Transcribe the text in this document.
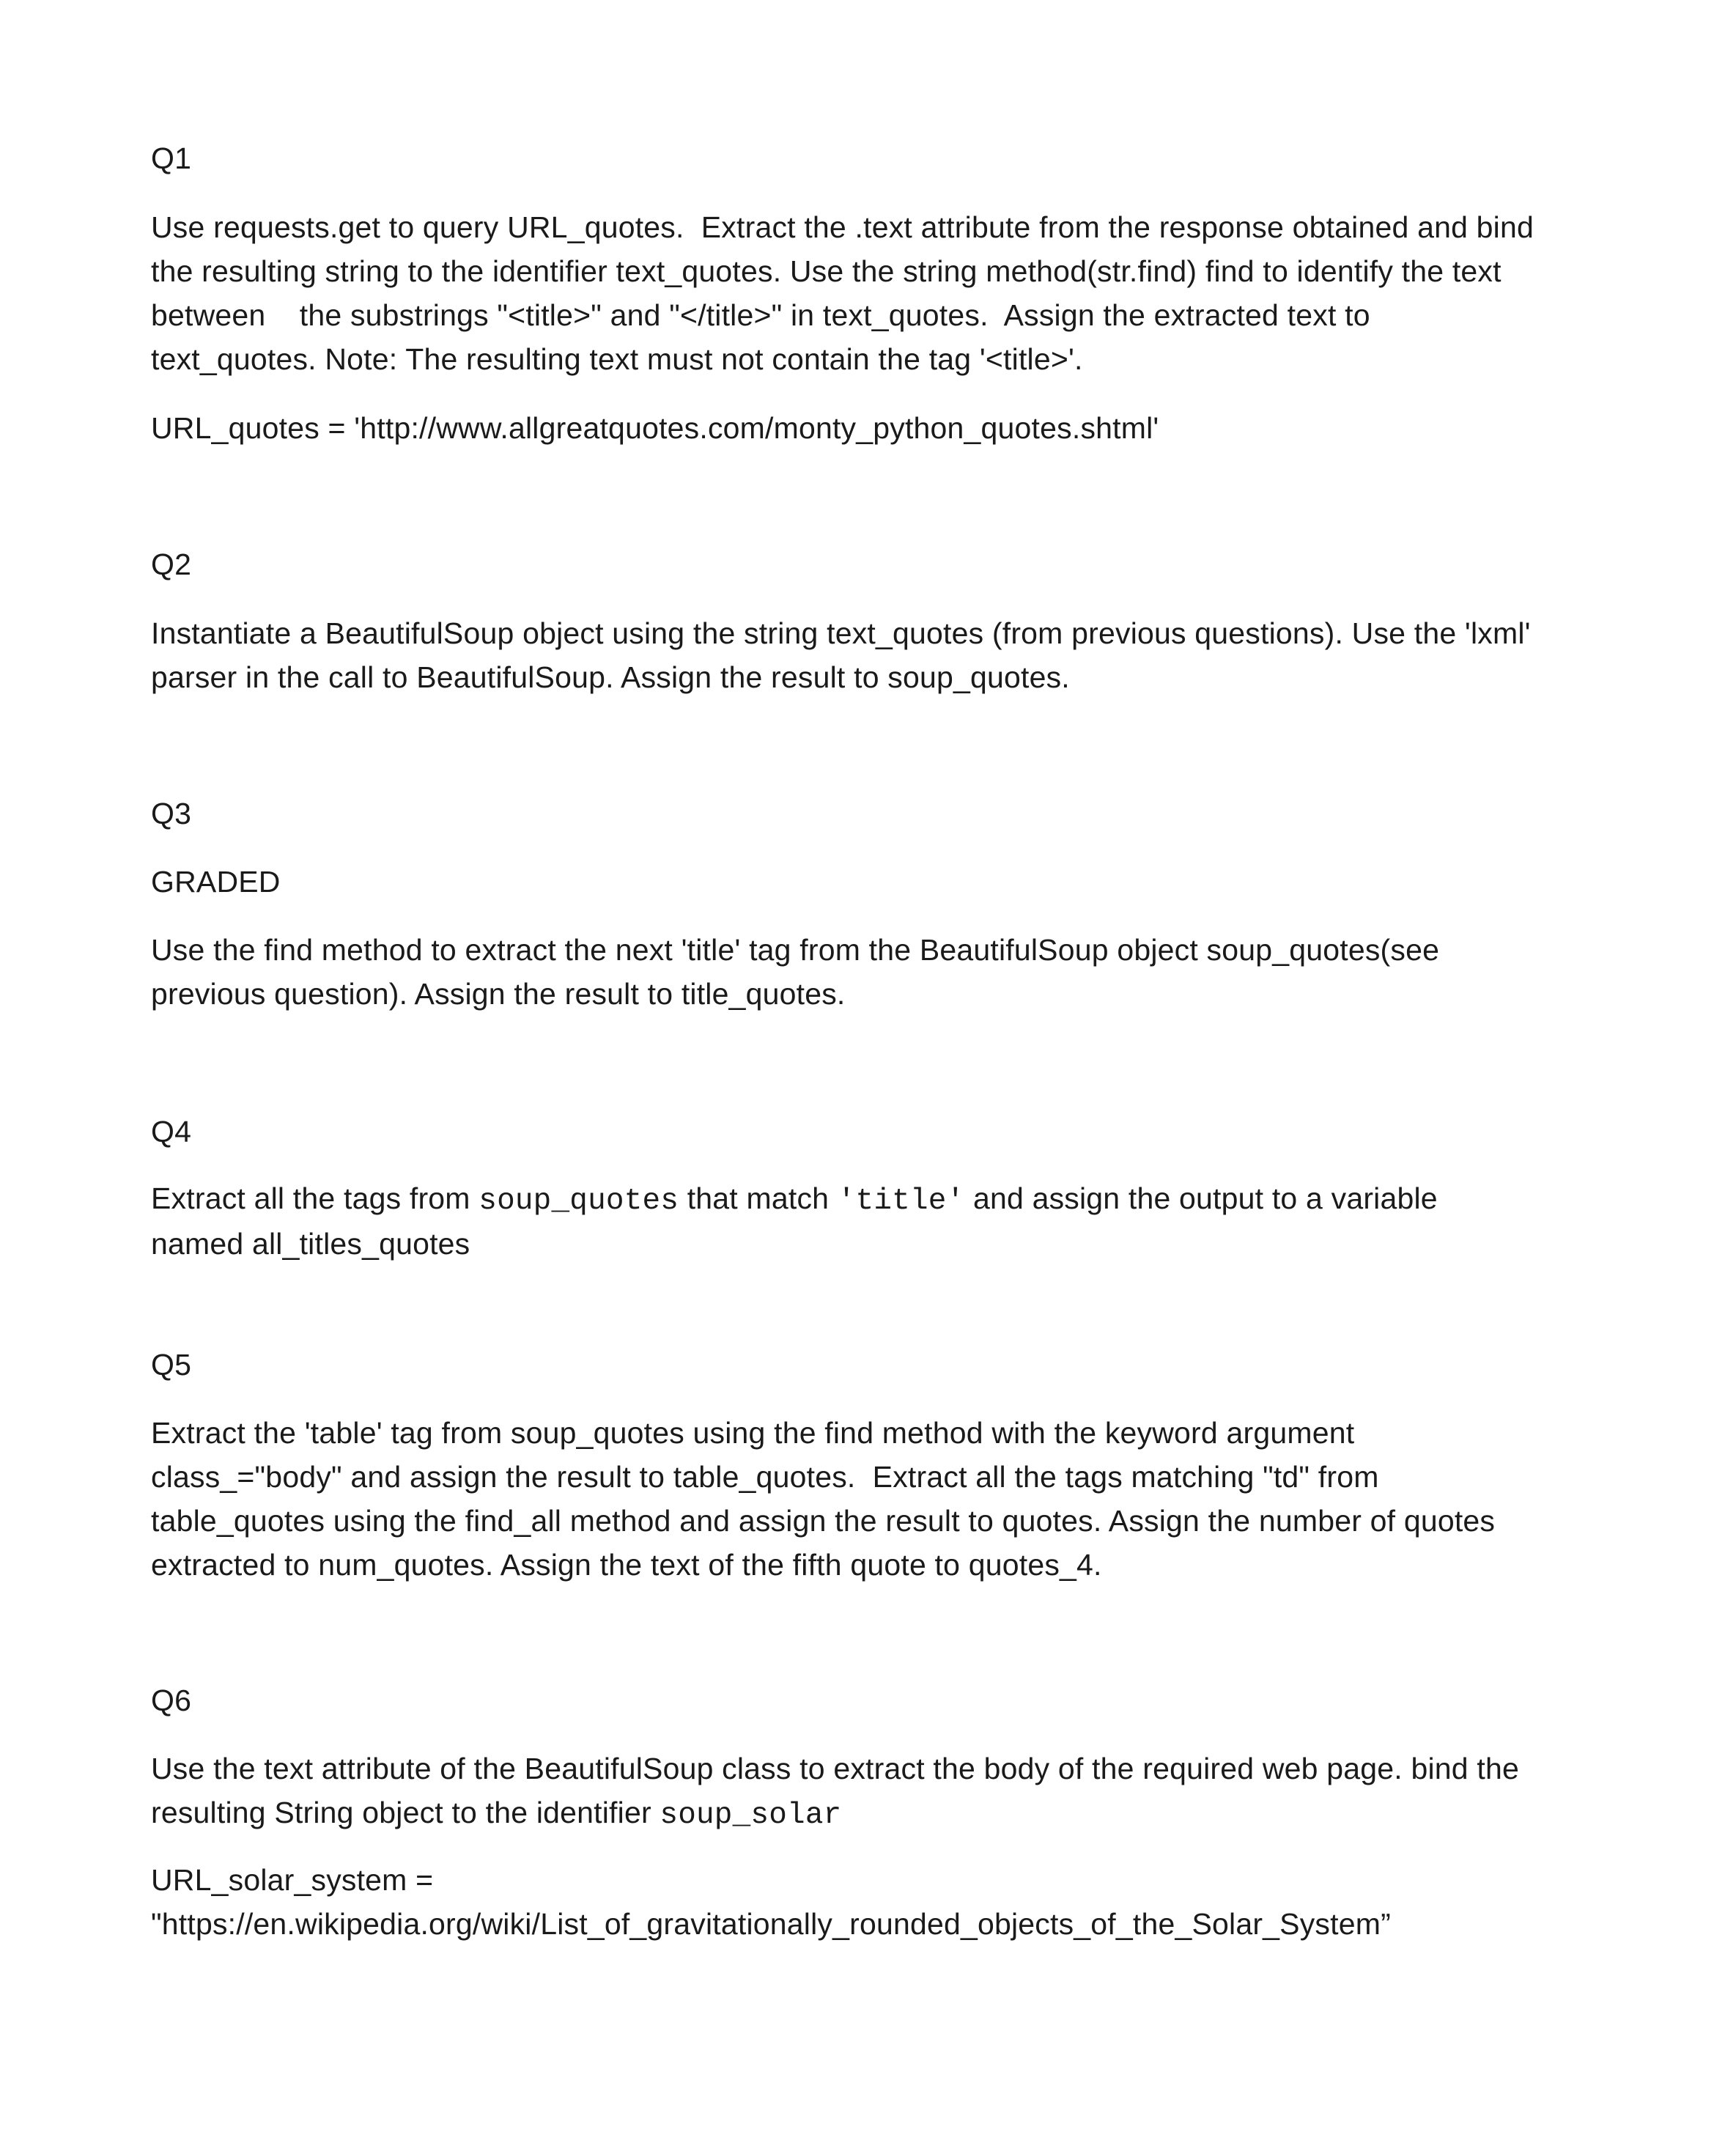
Q1

Use requests.get to query URL_quotes.  Extract the .text attribute from the response obtained and bind

the resulting string to the identifier text_quotes. Use the string method(str.find) find to identify the text

between    the substrings "<title>" and "</title>" in text_quotes.  Assign the extracted text to

text_quotes. Note: The resulting text must not contain the tag '<title>'.

URL_quotes = 'http://www.allgreatquotes.com/monty_python_quotes.shtml'

Q2

Instantiate a BeautifulSoup object using the string text_quotes (from previous questions). Use the 'lxml'

parser in the call to BeautifulSoup. Assign the result to soup_quotes.

Q3

GRADED

Use the find method to extract the next 'title' tag from the BeautifulSoup object soup_quotes(see

previous question). Assign the result to title_quotes.

Q4

Extract all the tags from soup_quotes that match 'title' and assign the output to a variable

named all_titles_quotes

Q5

Extract the 'table' tag from soup_quotes using the find method with the keyword argument

class_="body" and assign the result to table_quotes.  Extract all the tags matching "td" from

table_quotes using the find_all method and assign the result to quotes. Assign the number of quotes

extracted to num_quotes. Assign the text of the fifth quote to quotes_4.

Q6

Use the text attribute of the BeautifulSoup class to extract the body of the required web page. bind the

resulting String object to the identifier soup_solar

URL_solar_system =

"https://en.wikipedia.org/wiki/List_of_gravitationally_rounded_objects_of_the_Solar_System”
